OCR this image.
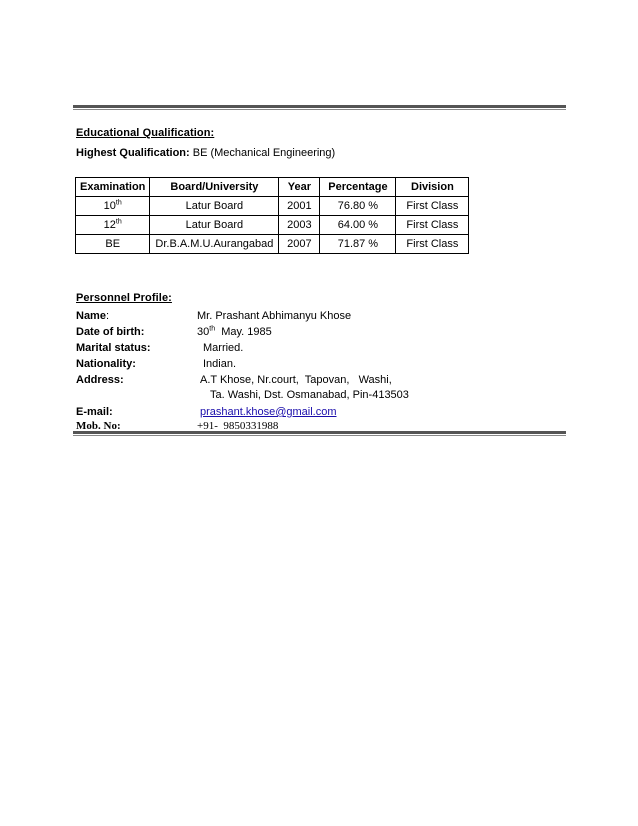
Educational Qualification:
Highest Qualification: BE (Mechanical Engineering)
Examination	Board/University	Year	Percentage	Division
10th	Latur Board	2001	76.80 %	First Class
12th	Latur Board	2003	64.00 %	First Class
BE	Dr.B.A.M.U.Aurangabad	2007	71.87 %	First Class
Personnel Profile:
Name:	Mr. Prashant Abhimanyu Khose
Date of birth:	30th  May. 1985
Marital status:	Married.
Nationality:	Indian.
Address:	A.T Khose, Nr.court,  Tapovan,   Washi,
Ta. Washi, Dst. Osmanabad, Pin-413503
E-mail:	prashant.khose@gmail.com
Mob. No:	+91-  9850331988
